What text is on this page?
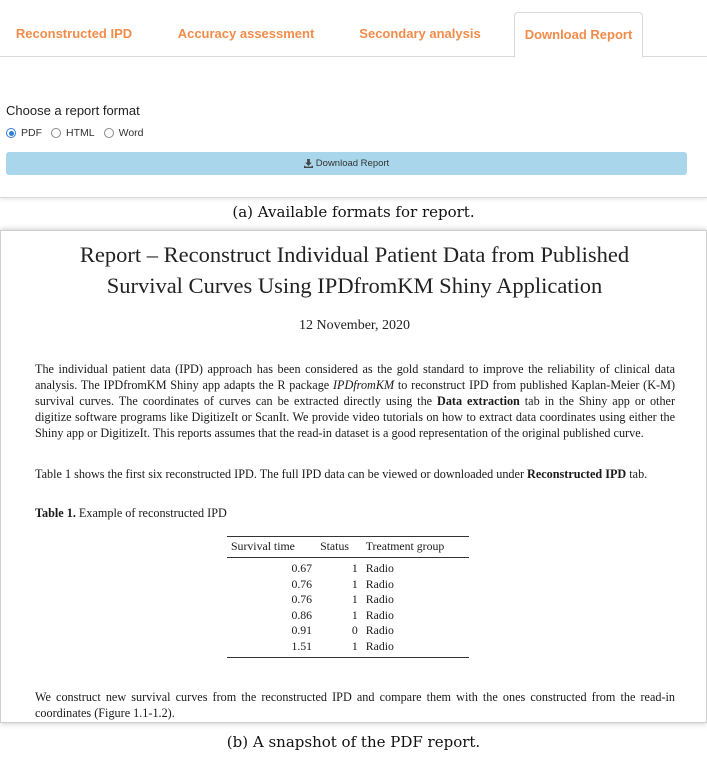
Reconstructed IPD	Accuracy assessment	Secondary analysis	Download Report
Choose a report format
PDF HTML Word
Download Report
(a) Available formats for report.
Report – Reconstruct Individual Patient Data from Published
Survival Curves Using IPDfromKM Shiny Application
12 November, 2020
The individual patient data (IPD) approach has been considered as the gold standard to improve the reliability of clinical data analysis. The IPDfromKM Shiny app adapts the R package IPDfromKM to reconstruct IPD from published Kaplan-Meier (K-M) survival curves. The coordinates of curves can be extracted directly using the Data extraction tab in the Shiny app or other digitize software programs like DigitizeIt or ScanIt. We provide video tutorials on how to extract data coordinates using either the Shiny app or DigitizeIt. This reports assumes that the read-in dataset is a good representation of the original published curve.
Table 1 shows the first six reconstructed IPD. The full IPD data can be viewed or downloaded under Reconstructed IPD tab.
Table 1. Example of reconstructed IPD
Survival time	Status	Treatment group
0.67	1	Radio
0.76	1	Radio
0.76	1	Radio
0.86	1	Radio
0.91	0	Radio
1.51	1	Radio
We construct new survival curves from the reconstructed IPD and compare them with the ones constructed from the read-in coordinates (Figure 1.1-1.2).
(b) A snapshot of the PDF report.
